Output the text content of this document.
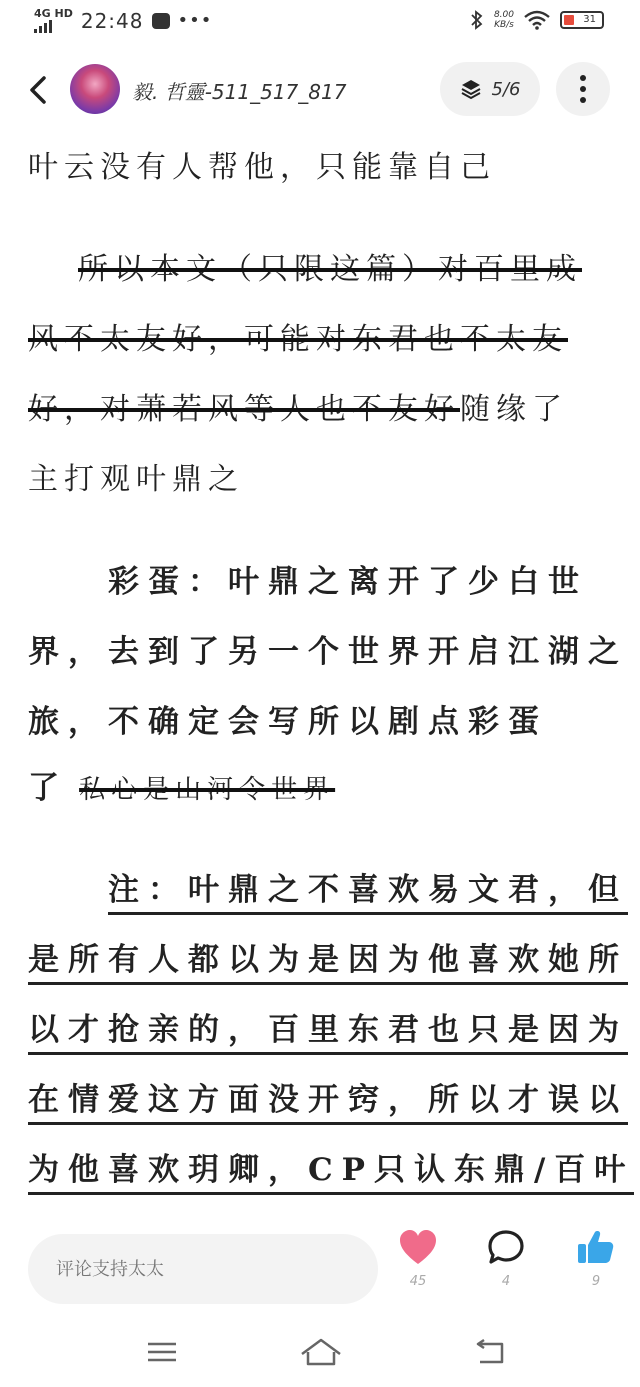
4G HD 22:48 •••	8.00
KB/s	31
毅. 哲靈-511_517_817	5/6
叶云没有人帮他，只能靠自己
所以本文（只限这篇）对百里成
风不太友好，可能对东君也不太友
好，对萧若风等人也不友好随缘了
主打观叶鼎之
彩蛋：叶鼎之离开了少白世
界，去到了另一个世界开启江湖之
旅，不确定会写所以剧点彩蛋
了 私心是山河令世界
注：叶鼎之不喜欢易文君，但
是所有人都以为是因为他喜欢她所
以才抢亲的，百里东君也只是因为
在情爱这方面没开窍，所以才误以
为他喜欢玥卿，CP只认东鼎/百叶
评论支持太太
45	4	9
